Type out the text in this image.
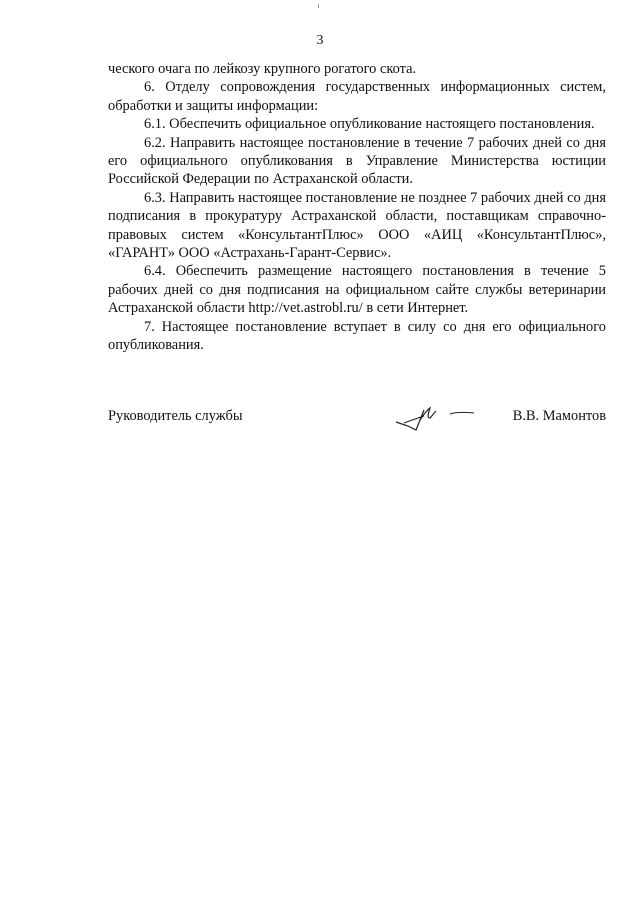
3

ческого очага по лейкозу крупного рогатого скота.

6. Отделу сопровождения государственных информационных систем, обработки и защиты информации:

6.1. Обеспечить официальное опубликование настоящего постановления.

6.2. Направить настоящее постановление в течение 7 рабочих дней со дня его официального опубликования в Управление Министерства юстиции Российской Федерации по Астраханской области.

6.3. Направить настоящее постановление не позднее 7 рабочих дней со дня подписания в прокуратуру Астраханской области, поставщикам справочно-правовых систем «КонсультантПлюс» ООО «АИЦ «КонсультантПлюс», «ГАРАНТ» ООО «Астрахань-Гарант-Сервис».

6.4. Обеспечить размещение настоящего постановления в течение 5 рабочих дней со дня подписания на официальном сайте службы ветеринарии Астраханской области http://vet.astrobl.ru/ в сети Интернет.

7. Настоящее постановление вступает в силу со дня его официального опубликования.

Руководитель службы	В.В. Мамонтов
